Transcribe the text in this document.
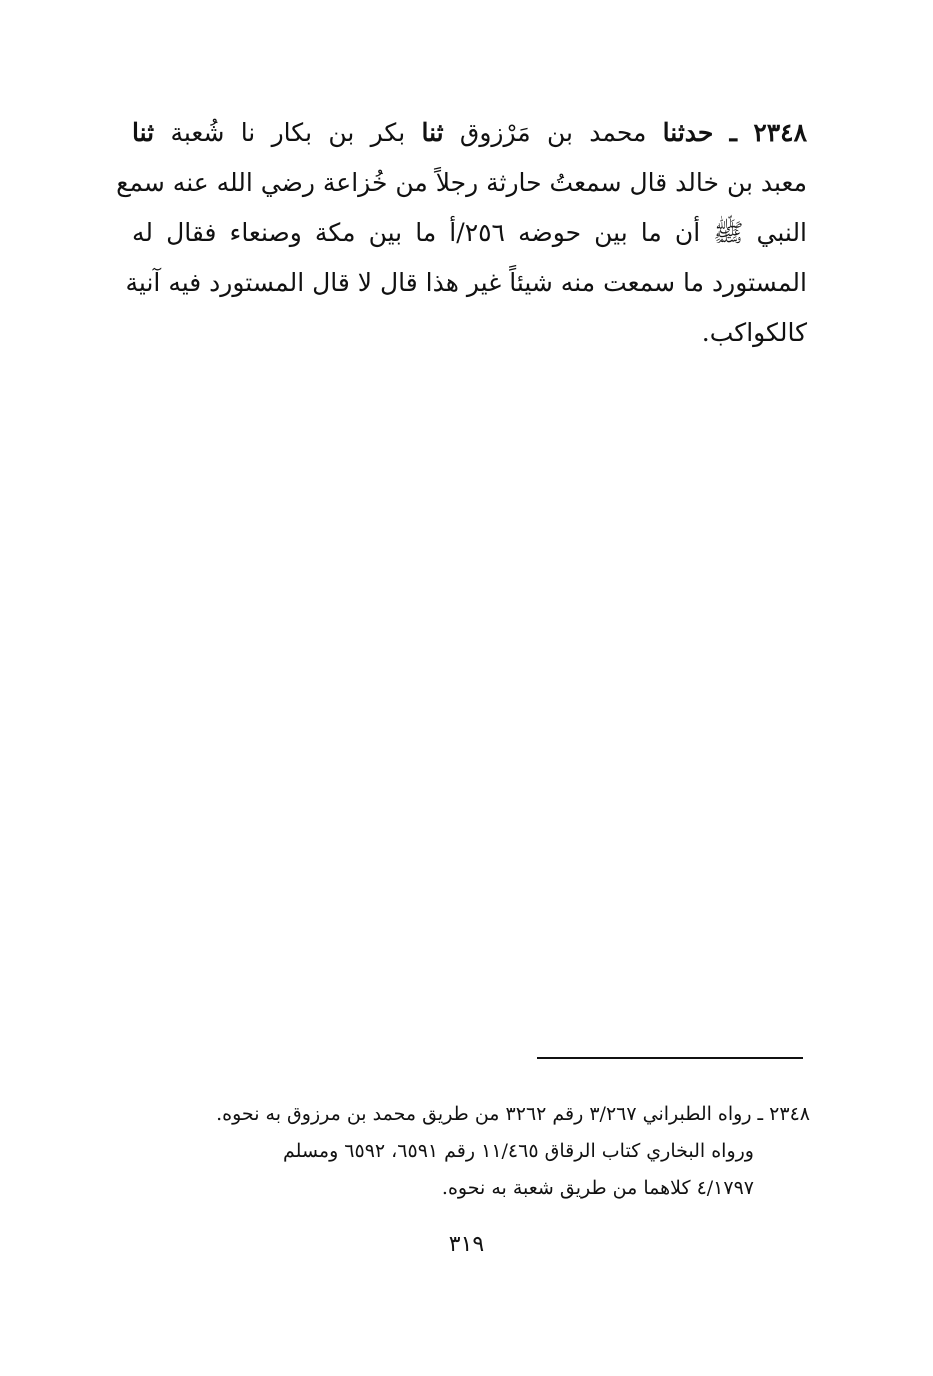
٢٣٤٨ ـ حدثنا محمد بن مَرْزوق ثنا بكر بن بكار نا شُعبة ثنا
معبد بن خالد قال سمعتُ حارثة رجلاً من خُزاعة رضي الله عنه سمع
النبي ﷺ أن ما بين حوضه ٢٥٦/أ ما بين مكة وصنعاء فقال له
المستورد ما سمعت منه شيئاً غير هذا قال لا قال المستورد فيه آنية
كالكواكب.
٢٣٤٨ ـ رواه الطبراني ٣/٢٦٧ رقم ٣٢٦٢ من طريق محمد بن مرزوق به نحوه.
ورواه البخاري كتاب الرقاق ١١/٤٦٥ رقم ٦٥٩١، ٦٥٩٢ ومسلم
٤/١٧٩٧ كلاهما من طريق شعبة به نحوه.
٣١٩
